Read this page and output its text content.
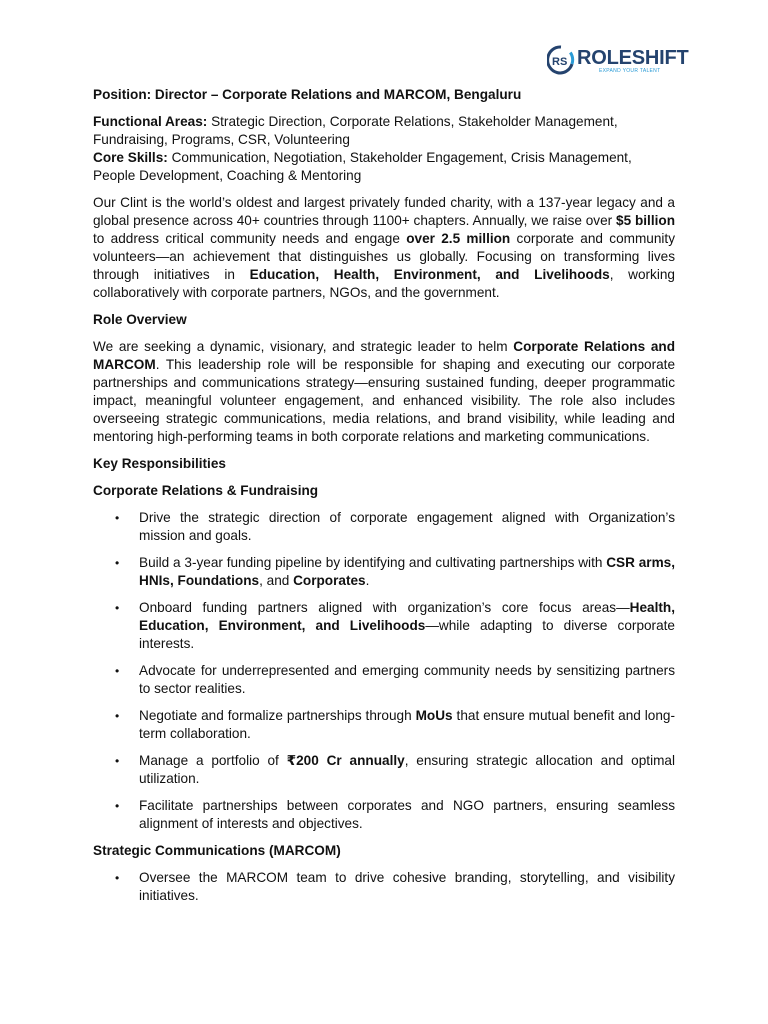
RS ROLESHIFT
EXPAND YOUR TALENT

Position: Director – Corporate Relations and MARCOM, Bengaluru

Functional Areas: Strategic Direction, Corporate Relations, Stakeholder Management, Fundraising, Programs, CSR, Volunteering

Core Skills: Communication, Negotiation, Stakeholder Engagement, Crisis Management, People Development, Coaching & Mentoring

Our Clint is the world’s oldest and largest privately funded charity, with a 137-year legacy and a global presence across 40+ countries through 1100+ chapters. Annually, we raise over $5 billion to address critical community needs and engage over 2.5 million corporate and community volunteers—an achievement that distinguishes us globally. Focusing on transforming lives through initiatives in Education, Health, Environment, and Livelihoods, working collaboratively with corporate partners, NGOs, and the government.

Role Overview

We are seeking a dynamic, visionary, and strategic leader to helm Corporate Relations and MARCOM. This leadership role will be responsible for shaping and executing our corporate partnerships and communications strategy—ensuring sustained funding, deeper programmatic impact, meaningful volunteer engagement, and enhanced visibility. The role also includes overseeing strategic communications, media relations, and brand visibility, while leading and mentoring high-performing teams in both corporate relations and marketing communications.

Key Responsibilities

Corporate Relations & Fundraising

• Drive the strategic direction of corporate engagement aligned with Organization’s mission and goals.
• Build a 3-year funding pipeline by identifying and cultivating partnerships with CSR arms, HNIs, Foundations, and Corporates.
• Onboard funding partners aligned with organization’s core focus areas—Health, Education, Environment, and Livelihoods—while adapting to diverse corporate interests.
• Advocate for underrepresented and emerging community needs by sensitizing partners to sector realities.
• Negotiate and formalize partnerships through MoUs that ensure mutual benefit and long-term collaboration.
• Manage a portfolio of ₹200 Cr annually, ensuring strategic allocation and optimal utilization.
• Facilitate partnerships between corporates and NGO partners, ensuring seamless alignment of interests and objectives.

Strategic Communications (MARCOM)

• Oversee the MARCOM team to drive cohesive branding, storytelling, and visibility initiatives.
